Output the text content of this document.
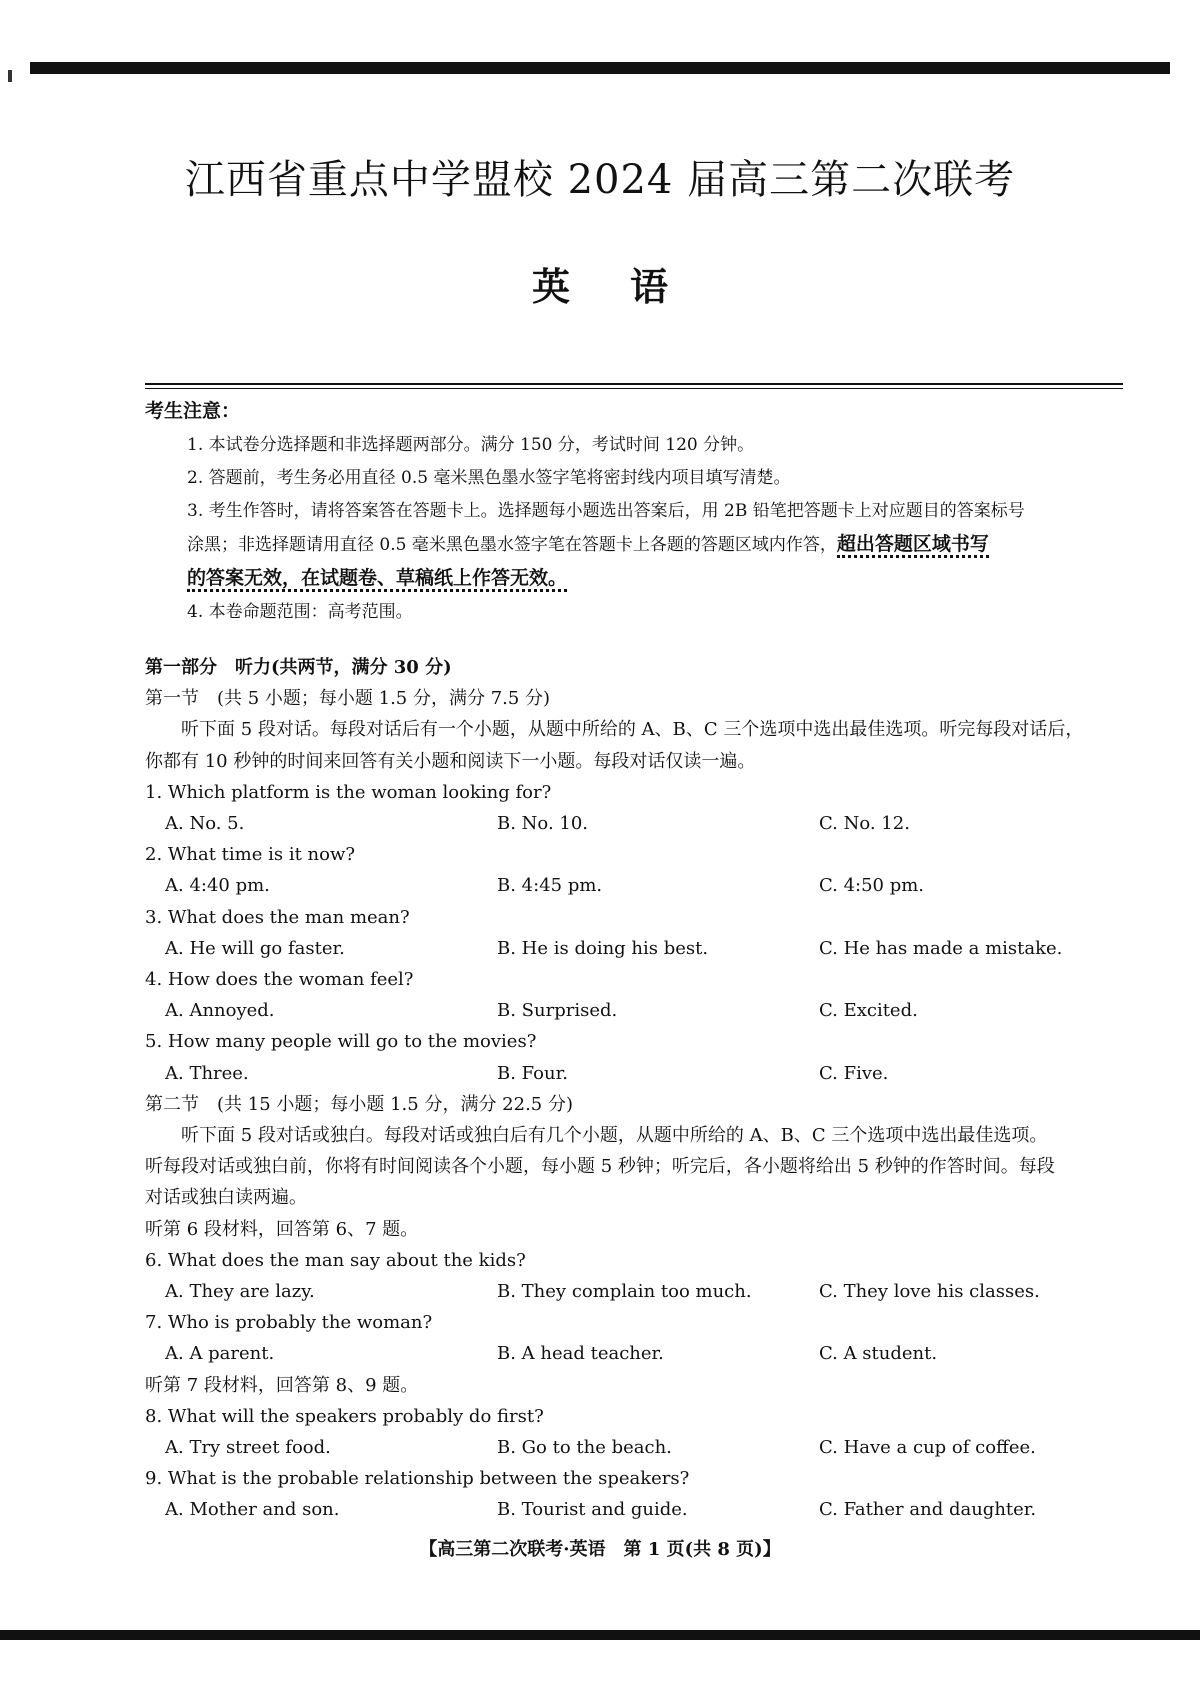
江西省重点中学盟校 2024 届高三第二次联考
英语
考生注意：
1. 本试卷分选择题和非选择题两部分。满分 150 分，考试时间 120 分钟。
2. 答题前，考生务必用直径 0.5 毫米黑色墨水签字笔将密封线内项目填写清楚。
3. 考生作答时，请将答案答在答题卡上。选择题每小题选出答案后，用 2B 铅笔把答题卡上对应题目的答案标号
涂黑；非选择题请用直径 0.5 毫米黑色墨水签字笔在答题卡上各题的答题区域内作答，超出答题区域书写
的答案无效，在试题卷、草稿纸上作答无效。
4. 本卷命题范围：高考范围。
第一部分　听力(共两节，满分 30 分)
第一节　(共 5 小题；每小题 1.5 分，满分 7.5 分)
听下面 5 段对话。每段对话后有一个小题，从题中所给的 A、B、C 三个选项中选出最佳选项。听完每段对话后，
你都有 10 秒钟的时间来回答有关小题和阅读下一小题。每段对话仅读一遍。
1. Which platform is the woman looking for?
A. No. 5.	B. No. 10.	C. No. 12.
2. What time is it now?
A. 4:40 pm.	B. 4:45 pm.	C. 4:50 pm.
3. What does the man mean?
A. He will go faster.	B. He is doing his best.	C. He has made a mistake.
4. How does the woman feel?
A. Annoyed.	B. Surprised.	C. Excited.
5. How many people will go to the movies?
A. Three.	B. Four.	C. Five.
第二节　(共 15 小题；每小题 1.5 分，满分 22.5 分)
听下面 5 段对话或独白。每段对话或独白后有几个小题，从题中所给的 A、B、C 三个选项中选出最佳选项。
听每段对话或独白前，你将有时间阅读各个小题，每小题 5 秒钟；听完后，各小题将给出 5 秒钟的作答时间。每段
对话或独白读两遍。
听第 6 段材料，回答第 6、7 题。
6. What does the man say about the kids?
A. They are lazy.	B. They complain too much.	C. They love his classes.
7. Who is probably the woman?
A. A parent.	B. A head teacher.	C. A student.
听第 7 段材料，回答第 8、9 题。
8. What will the speakers probably do first?
A. Try street food.	B. Go to the beach.	C. Have a cup of coffee.
9. What is the probable relationship between the speakers?
A. Mother and son.	B. Tourist and guide.	C. Father and daughter.
【高三第二次联考·英语　第 1 页(共 8 页)】
